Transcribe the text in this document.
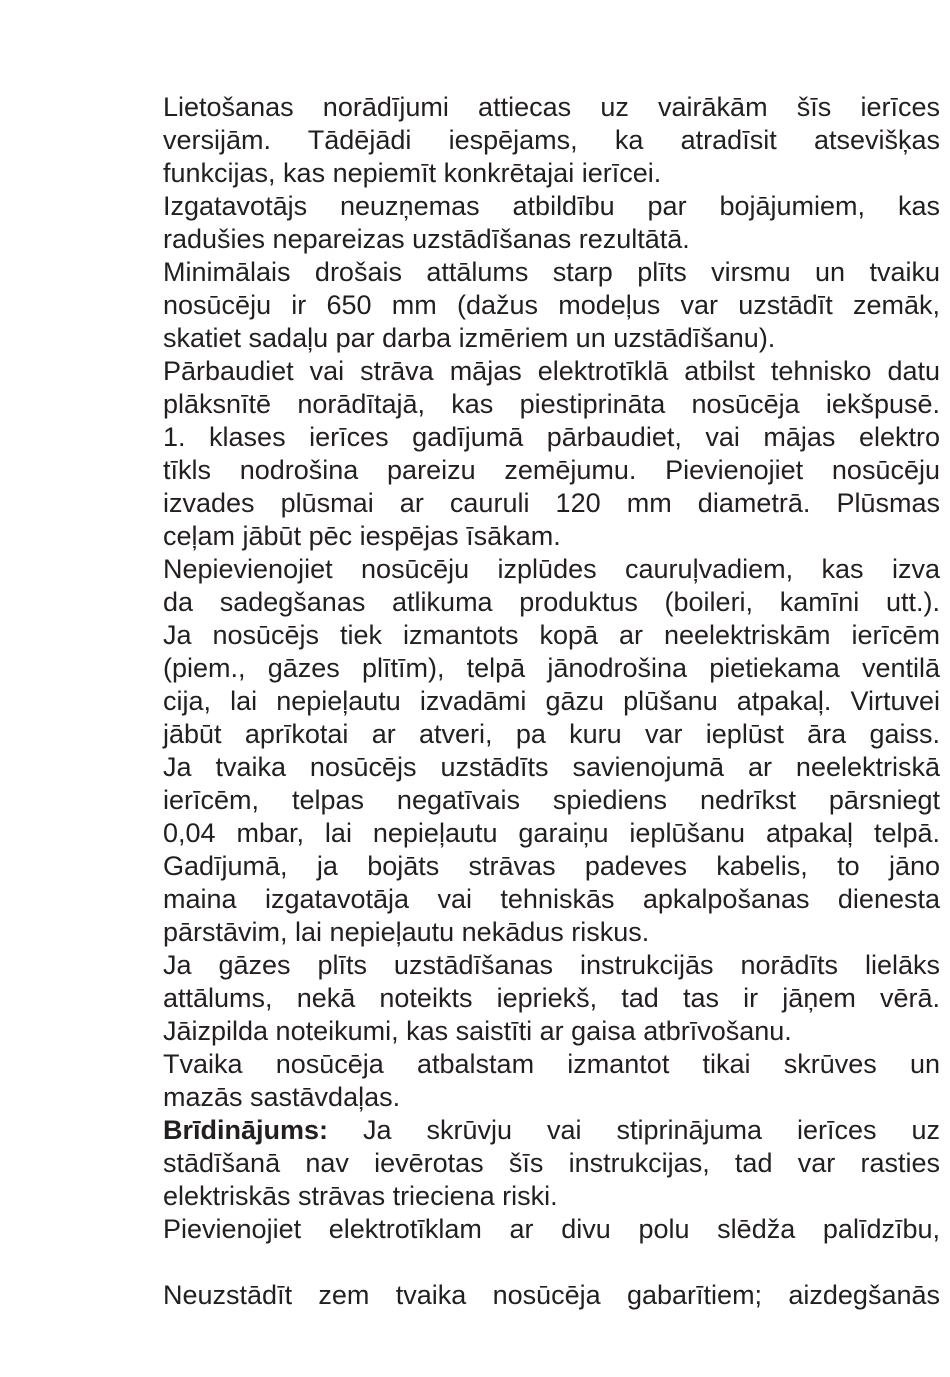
Lietošanas norādījumi attiecas uz vairākām šīs ierīces
versijām. Tādējādi iespējams, ka atradīsit atsevišķas
funkcijas, kas nepiemīt konkrētajai ierīcei.
Izgatavotājs neuzņemas atbildību par bojājumiem, kas
radušies nepareizas uzstādīšanas rezultātā.
Minimālais drošais attālums starp plīts virsmu un tvaiku
nosūcēju ir 650 mm (dažus modeļus var uzstādīt zemāk,
skatiet sadaļu par darba izmēriem un uzstādīšanu).
Pārbaudiet vai strāva mājas elektrotīklā atbilst tehnisko datu
plāksnītē norādītajā, kas piestiprināta nosūcēja iekšpusē.
1. klases ierīces gadījumā pārbaudiet, vai mājas elektro
tīkls nodrošina pareizu zemējumu. Pievienojiet nosūcēju
izvades plūsmai ar cauruli 120 mm diametrā. Plūsmas
ceļam jābūt pēc iespējas īsākam.
Nepievienojiet nosūcēju izplūdes cauruļvadiem, kas izva
da sadegšanas atlikuma produktus (boileri, kamīni utt.).
Ja nosūcējs tiek izmantots kopā ar neelektriskām ierīcēm
(piem., gāzes plītīm), telpā jānodrošina pietiekama ventilā
cija, lai nepieļautu izvadāmi gāzu plūšanu atpakaļ. Virtuvei
jābūt aprīkotai ar atveri, pa kuru var ieplūst āra gaiss.
Ja tvaika nosūcējs uzstādīts savienojumā ar neelektriskā
ierīcēm, telpas negatīvais spiediens nedrīkst pārsniegt
0,04 mbar, lai nepieļautu garaiņu ieplūšanu atpakaļ telpā.
Gadījumā, ja bojāts strāvas padeves kabelis, to jāno
maina izgatavotāja vai tehniskās apkalpošanas dienesta
pārstāvim, lai nepieļautu nekādus riskus.
Ja gāzes plīts uzstādīšanas instrukcijās norādīts lielāks
attālums, nekā noteikts iepriekš, tad tas ir jāņem vērā.
Jāizpilda noteikumi, kas saistīti ar gaisa atbrīvošanu.
Tvaika nosūcēja atbalstam izmantot tikai skrūves un
mazās sastāvdaļas.
Brīdinājums: Ja skrūvju vai stiprinājuma ierīces uz
stādīšanā nav ievērotas šīs instrukcijas, tad var rasties
elektriskās strāvas trieciena riski.
Pievienojiet elektrotīklam ar divu polu slēdža palīdzību,
Neuzstādīt zem tvaika nosūcēja gabarītiem; aizdegšanās
